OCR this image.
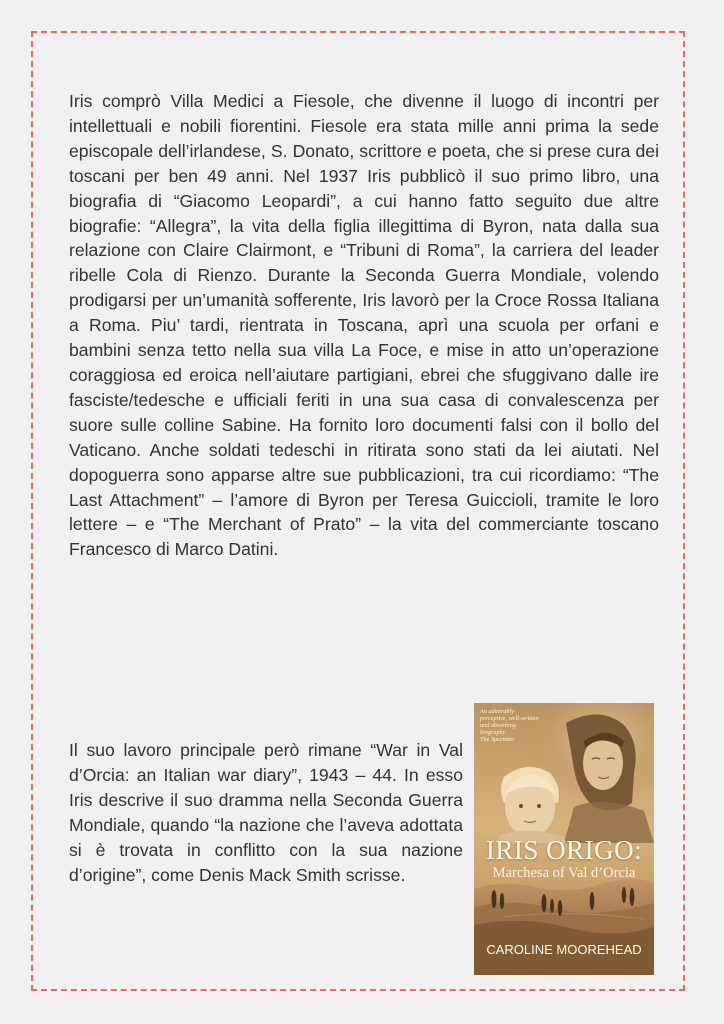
Iris comprò Villa Medici a Fiesole, che divenne il luogo di incontri per intellettuali e nobili fiorentini. Fiesole era stata mille anni prima la sede episcopale dell’irlandese, S. Donato, scrittore e poeta, che si prese cura dei toscani per ben 49 anni. Nel 1937 Iris pubblicò il suo primo libro, una biografia di “Giacomo Leopardi”, a cui hanno fatto seguito due altre biografie: “Allegra”, la vita della figlia illegittima di Byron, nata dalla sua relazione con Claire Clairmont, e “Tribuni di Roma”, la carriera del leader ribelle Cola di Rienzo. Durante la Seconda Guerra Mondiale, volendo prodigarsi per un’umanità sofferente, Iris lavorò per la Croce Rossa Italiana a Roma. Piu’ tardi, rientrata in Toscana, aprì una scuola per orfani e bambini senza tetto nella sua villa La Foce, e mise in atto un’operazione coraggiosa ed eroica nell’aiutare partigiani, ebrei che sfuggivano dalle ire fasciste/tedesche e ufficiali feriti in una sua casa di convalescenza per suore sulle colline Sabine. Ha fornito loro documenti falsi con il bollo del Vaticano. Anche soldati tedeschi in ritirata sono stati da lei aiutati. Nel dopoguerra sono apparse altre sue pubblicazioni, tra cui ricordiamo: “The Last Attachment” – l’amore di Byron per Teresa Guiccioli, tramite le loro lettere – e “The Merchant of Prato” – la vita del commerciante toscano Francesco di Marco Datini.

Il suo lavoro principale però rimane “War in Val d’Orcia: an Italian war diary”, 1943 – 44. In esso Iris descrive il suo dramma nella Seconda Guerra Mondiale, quando “la nazione che l’aveva adottata si è trovata in conflitto con la sua nazione d’origine”, come Denis Mack Smith scrisse.

An admirably perceptive, well-written and absorbing biography
The Spectator
IRIS ORIGO:
Marchesa of Val d’Orcia
CAROLINE MOOREHEAD
